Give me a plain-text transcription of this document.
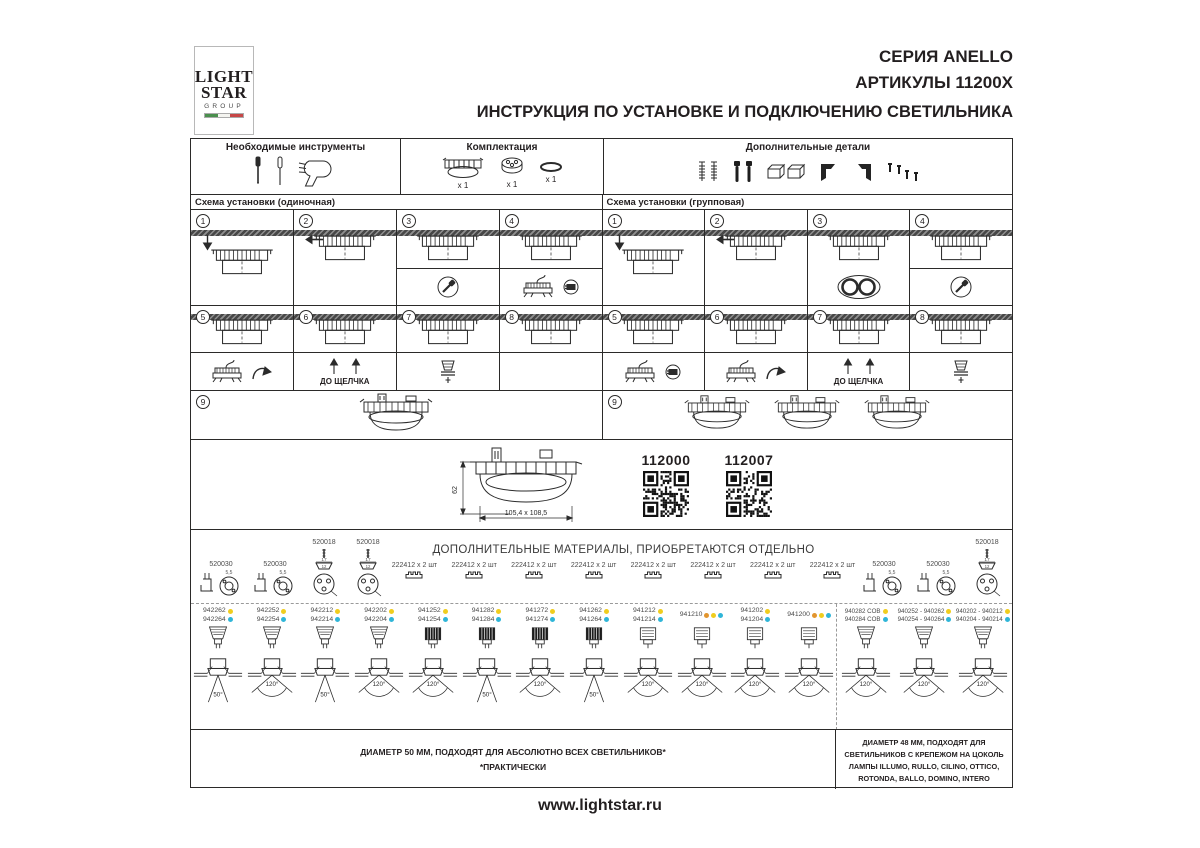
LIGHT
STAR
GROUP
СЕРИЯ ANELLO
АРТИКУЛЫ 11200X
ИНСТРУКЦИЯ ПО УСТАНОВКЕ И ПОДКЛЮЧЕНИЮ СВЕТИЛЬНИКА
Необходимые инструменты	Комплектация
x 1	x 1
x 1
Дополнительные детали
Схема установки (одиночная)
1	2	3	4
5	6
ДО ЩЕЛЧКА
7	8
9
Схема установки (групповая)
1	2	3	4
5	6	7
ДО ЩЕЛЧКА
8
9
62
105,4 x 108,5
112000 112007
520030
5,5
520030
5,5
520018
17
12
520018
17
12
ДОПОЛНИТЕЛЬНЫЕ МАТЕРИАЛЫ, ПРИОБРЕТАЮТСЯ ОТДЕЛЬНО
222412 x 2 шт 222412 x 2 шт 222412 x 2 шт 222412 x 2 шт 222412 x 2 шт 222412 x 2 шт 222412 x 2 шт 222412 x 2 шт 520030
5,5
520030
5,5
520018
17
12
942262
942264
50°
942252
942254
120°
942212
942214
50°
942202
942204
120°
941252
941254
120°
941282
941284
50°
941272
941274
120°
941262
941264
50°
941212
941214
120°
941210
120°
941202
941204
120°
941200
120°
940282 COB
940284 COB
120°
940252 - 940262
940254 - 940264
120°
940202 - 940212
940204 - 940214
120°
ДИАМЕТР 50 ММ, ПОДХОДЯТ ДЛЯ АБСОЛЮТНО ВСЕХ СВЕТИЛЬНИКОВ*
*ПРАКТИЧЕСКИ
ДИАМЕТР 48 ММ, ПОДХОДЯТ ДЛЯ СВЕТИЛЬНИКОВ С КРЕПЕЖОМ НА ЦОКОЛЬ ЛАМПЫ ILLUMO, RULLO, CILINO, OTTICO, ROTONDA, BALLO, DOMINO, INTERO
www.lightstar.ru
